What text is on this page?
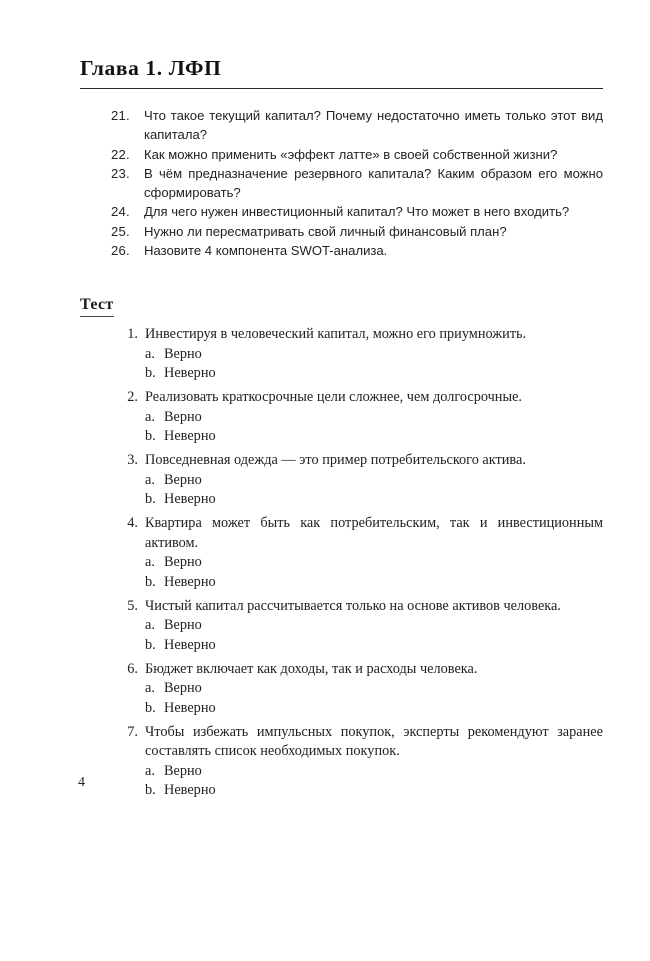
Глава 1. ЛФП
21.	Что такое текущий капитал? Почему недостаточно иметь только этот вид капитала?
22.	Как можно применить «эффект латте» в своей собственной жизни?
23.	В чём предназначение резервного капитала? Каким образом его можно сформировать?
24.	Для чего нужен инвестиционный капитал? Что может в него входить?
25.	Нужно ли пересматривать свой личный финансовый план?
26.	Назовите 4 компонента SWOT-анализа.
Тест
1. Инвестируя в человеческий капитал, можно его приумножить.
a. Верно
b. Неверно
2. Реализовать краткосрочные цели сложнее, чем долгосрочные.
a. Верно
b. Неверно
3. Повседневная одежда — это пример потребительского актива.
a. Верно
b. Неверно
4. Квартира может быть как потребительским, так и инвестиционным активом.
a. Верно
b. Неверно
5. Чистый капитал рассчитывается только на основе активов человека.
a. Верно
b. Неверно
6. Бюджет включает как доходы, так и расходы человека.
a. Верно
b. Неверно
7. Чтобы избежать импульсных покупок, эксперты рекомендуют заранее составлять список необходимых покупок.
a. Верно
b. Неверно
4
